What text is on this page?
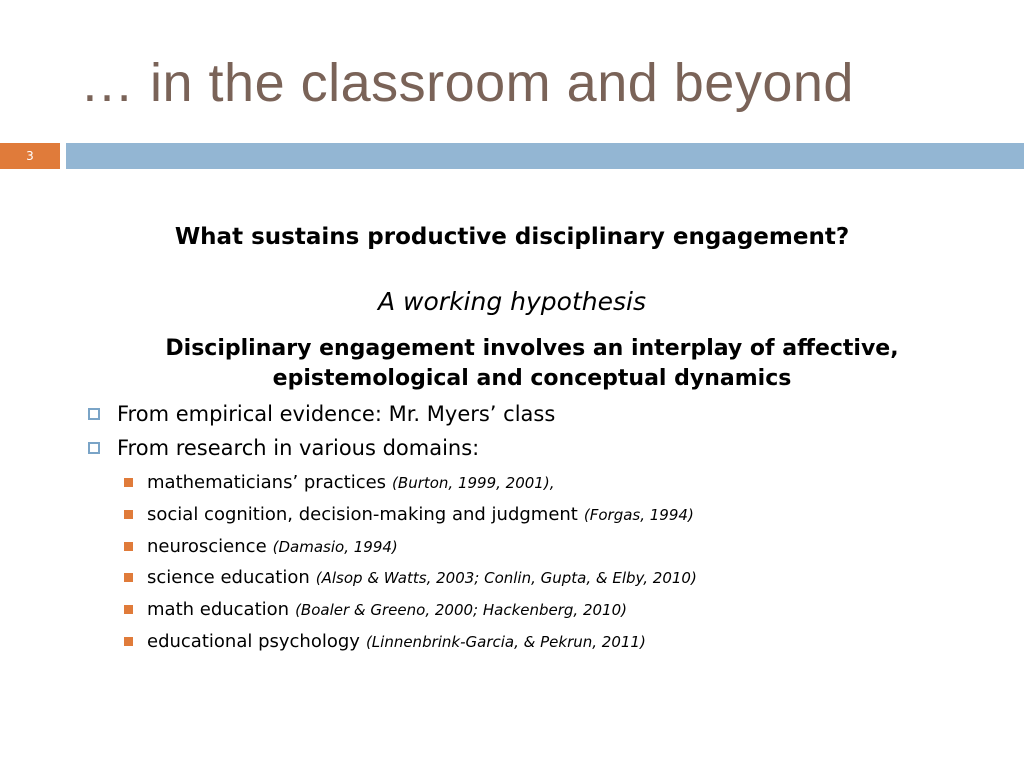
… in the classroom and beyond
3
What sustains productive disciplinary engagement?
A working hypothesis
Disciplinary engagement involves an interplay of affective,
epistemological and conceptual dynamics
From empirical evidence: Mr. Myers’ class
From research in various domains:
mathematicians’ practices (Burton, 1999, 2001),
social cognition, decision-making and judgment (Forgas, 1994)
neuroscience (Damasio, 1994)
science education (Alsop & Watts, 2003; Conlin, Gupta, & Elby, 2010)
math education (Boaler & Greeno, 2000; Hackenberg, 2010)
educational psychology (Linnenbrink-Garcia, & Pekrun, 2011)
